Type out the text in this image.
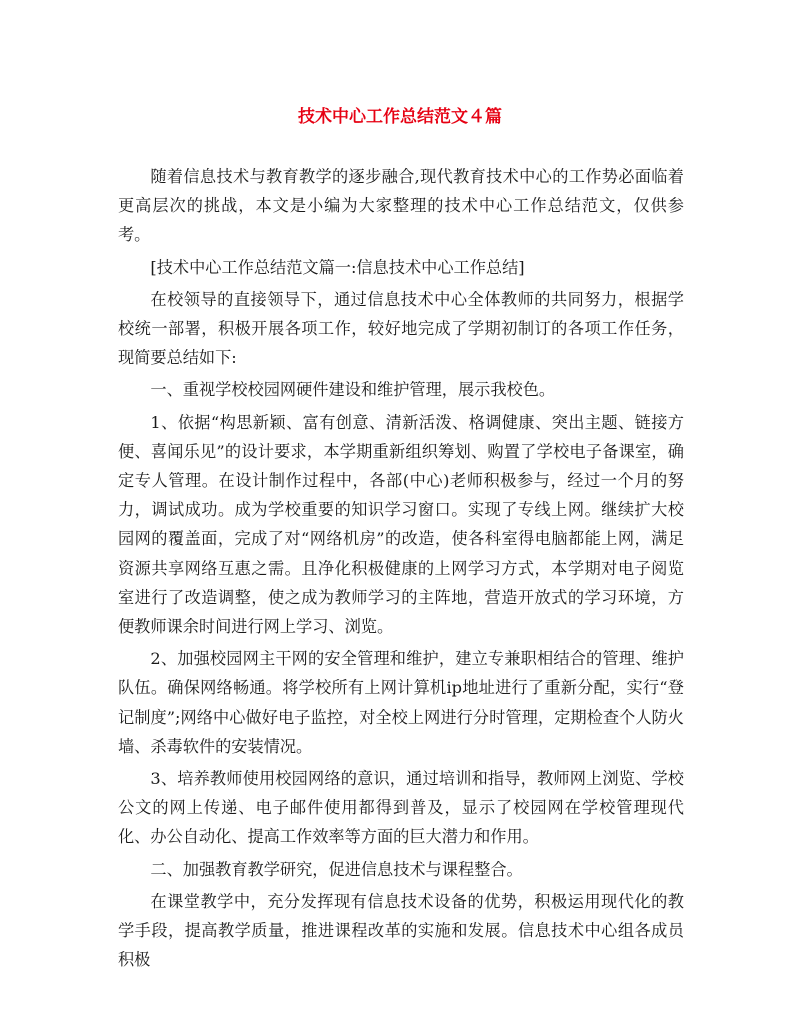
技术中心工作总结范文４篇

随着信息技术与教育教学的逐步融合,现代教育技术中心的工作势必面临着更高层次的挑战，本文是小编为大家整理的技术中心工作总结范文，仅供参考。

[技术中心工作总结范文篇一:信息技术中心工作总结]

在校领导的直接领导下，通过信息技术中心全体教师的共同努力，根据学校统一部署，积极开展各项工作，较好地完成了学期初制订的各项工作任务，现简要总结如下:

一、重视学校校园网硬件建设和维护管理，展示我校色。

1、依据“构思新颖、富有创意、清新活泼、格调健康、突出主题、链接方便、喜闻乐见”的设计要求，本学期重新组织筹划、购置了学校电子备课室，确定专人管理。在设计制作过程中，各部(中心)老师积极参与，经过一个月的努力，调试成功。成为学校重要的知识学习窗口。实现了专线上网。继续扩大校园网的覆盖面，完成了对“网络机房”的改造，使各科室得电脑都能上网，满足资源共享网络互惠之需。且净化积极健康的上网学习方式，本学期对电子阅览室进行了改造调整，使之成为教师学习的主阵地，营造开放式的学习环境，方便教师课余时间进行网上学习、浏览。

2、加强校园网主干网的安全管理和维护，建立专兼职相结合的管理、维护队伍。确保网络畅通。将学校所有上网计算机ip地址进行了重新分配，实行“登记制度”;网络中心做好电子监控，对全校上网进行分时管理，定期检查个人防火墙、杀毒软件的安装情况。

3、培养教师使用校园网络的意识，通过培训和指导，教师网上浏览、学校公文的网上传递、电子邮件使用都得到普及，显示了校园网在学校管理现代化、办公自动化、提高工作效率等方面的巨大潜力和作用。

二、加强教育教学研究，促进信息技术与课程整合。

在课堂教学中，充分发挥现有信息技术设备的优势，积极运用现代化的教学手段，提高教学质量，推进课程改革的实施和发展。信息技术中心组各成员积极
